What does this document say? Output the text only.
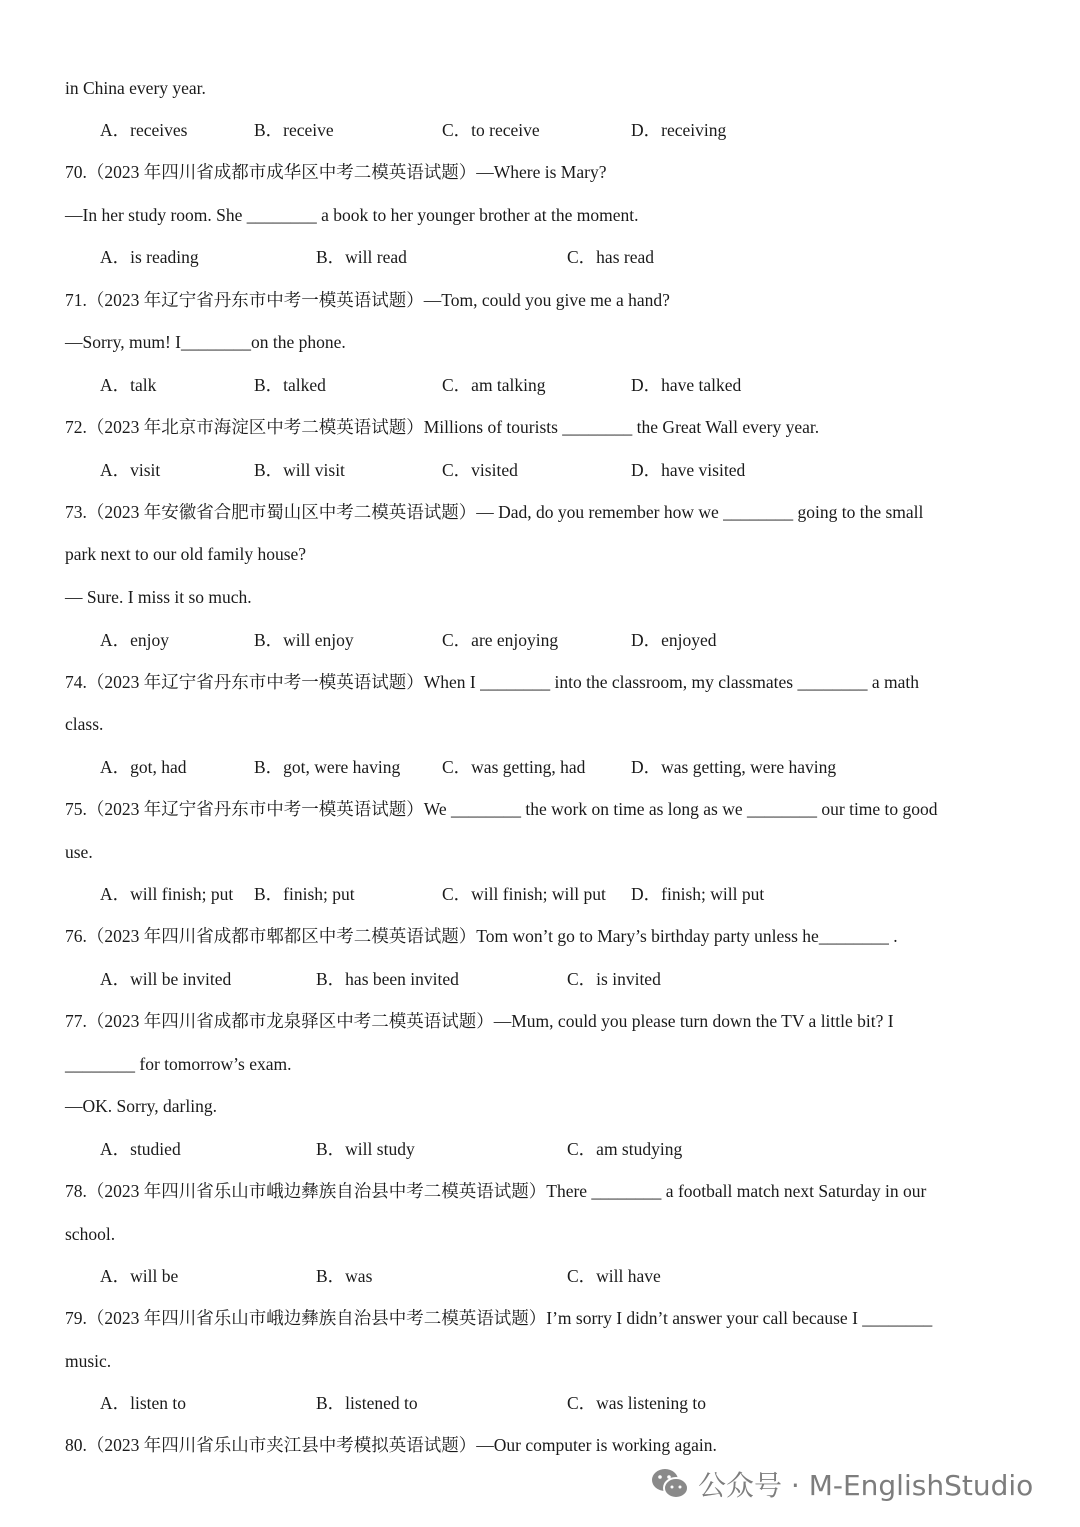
in China every year.
70.（2023 年四川省成都市成华区中考二模英语试题）—Where is Mary?
—In her study room. She ________ a book to her younger brother at the moment.
71.（2023 年辽宁省丹东市中考一模英语试题）—Tom, could you give me a hand?
—Sorry, mum! I________on the phone.
72.（2023 年北京市海淀区中考二模英语试题）Millions of tourists ________ the Great Wall every year.
73.（2023 年安徽省合肥市蜀山区中考二模英语试题）— Dad, do you remember how we ________ going to the small
park next to our old family house?
— Sure. I miss it so much.
74.（2023 年辽宁省丹东市中考一模英语试题）When I ________ into the classroom, my classmates ________ a math
class.
75.（2023 年辽宁省丹东市中考一模英语试题）We ________ the work on time as long as we ________ our time to good
use.
76.（2023 年四川省成都市郫都区中考二模英语试题）Tom won’t go to Mary’s birthday party unless he________ .
77.（2023 年四川省成都市龙泉驿区中考二模英语试题）—Mum, could you please turn down the TV a little bit? I
________ for tomorrow’s exam.
—OK. Sorry, darling.
78.（2023 年四川省乐山市峨边彝族自治县中考二模英语试题）There ________ a football match next Saturday in our
school.
79.（2023 年四川省乐山市峨边彝族自治县中考二模英语试题）I’m sorry I didn’t answer your call because I ________
music.
80.（2023 年四川省乐山市夹江县中考模拟英语试题）—Our computer is working again.
A．receives	B．receive	C．to receive	D．receiving
A．is reading	B．will read	C．has read
A．talk	B．talked	C．am talking	D．have talked
A．visit	B．will visit	C．visited	D．have visited
A．enjoy	B．will enjoy	C．are enjoying	D．enjoyed
A．got, had	B．got, were having C．was getting, had	D．was getting, were having
A．will finish; put B．finish; put	C．will finish; will put D．finish; will put
A．will be invited	B．has been invited	C．is invited
A．studied	B．will study	C．am studying
A．will be	B．was	C．will have
A．listen to	B．listened to	C．was listening to
公众号 · M-EnglishStudio
